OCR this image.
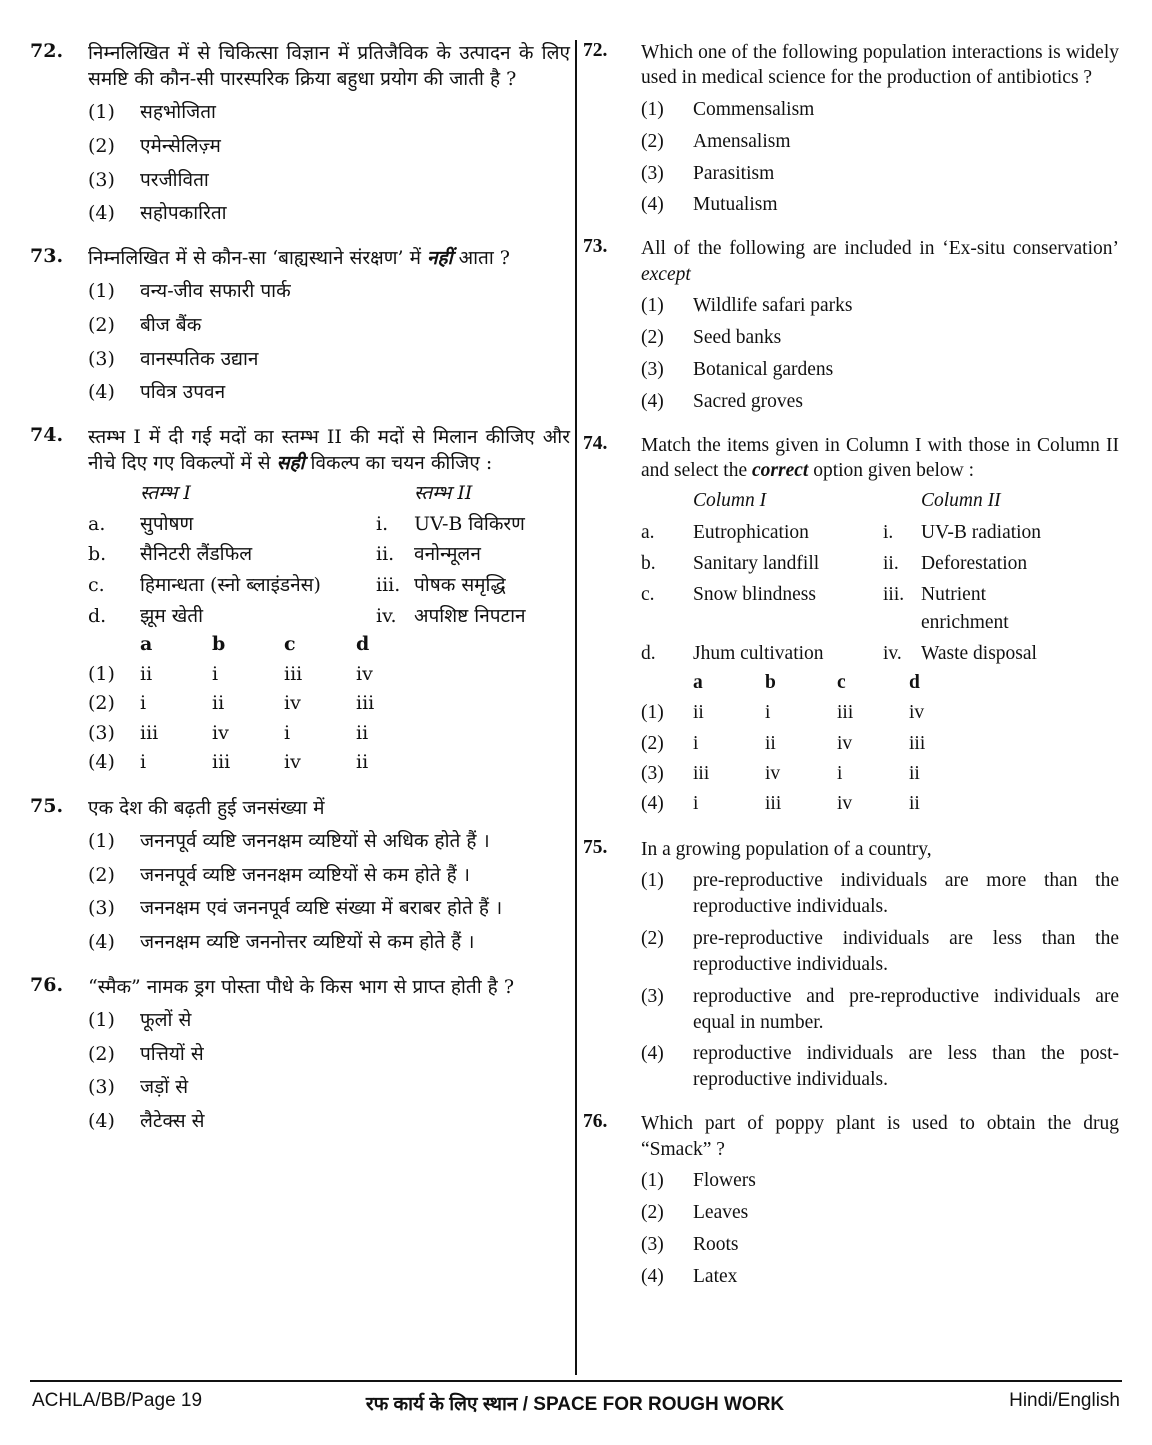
72. निम्नलिखित में से चिकित्सा विज्ञान में प्रतिजैविक के उत्पादन के लिए समष्टि की कौन-सी पारस्परिक क्रिया बहुधा प्रयोग की जाती है ?
(1) सहभोजिता
(2) एमेन्सेलिज़्म
(3) परजीविता
(4) सहोपकारिता
73. निम्नलिखित में से कौन-सा ‘बाह्यस्थाने संरक्षण’ में नहीं आता ?
(1) वन्य-जीव सफारी पार्क
(2) बीज बैंक
(3) वानस्पतिक उद्यान
(4) पवित्र उपवन
74. स्तम्भ I में दी गई मदों का स्तम्भ II की मदों से मिलान कीजिए और नीचे दिए गए विकल्पों में से सही विकल्प का चयन कीजिए :
स्तम्भ I	स्तम्भ II
a.	सुपोषण	i.	UV-B विकिरण
b.	सैनिटरी लैंडफिल	ii.	वनोन्मूलन
c.	हिमान्धता (स्नो ब्लाइंडनेस)	iii. पोषक समृद्धि
d.	झूम खेती	iv. अपशिष्ट निपटान
a	b	c	d
(1)	ii	i	iii	iv
(2)	i	ii	iv	iii
(3)	iii	iv	i	ii
(4)	i	iii	iv	ii
75. एक देश की बढ़ती हुई जनसंख्या में
(1) जननपूर्व व्यष्टि जननक्षम व्यष्टियों से अधिक होते हैं ।
(2) जननपूर्व व्यष्टि जननक्षम व्यष्टियों से कम होते हैं ।
(3) जननक्षम एवं जननपूर्व व्यष्टि संख्या में बराबर होते हैं ।
(4) जननक्षम व्यष्टि जननोत्तर व्यष्टियों से कम होते हैं ।
76. “स्मैक” नामक ड्रग पोस्ता पौधे के किस भाग से प्राप्त होती है ?
(1) फूलों से
(2) पत्तियों से
(3) जड़ों से
(4) लैटेक्स से
72. Which one of the following population interactions is widely used in medical science for the production of antibiotics ?
(1) Commensalism
(2) Amensalism
(3) Parasitism
(4) Mutualism
73. All of the following are included in ‘Ex-situ conservation’ except
(1) Wildlife safari parks
(2) Seed banks
(3) Botanical gardens
(4) Sacred groves
74. Match the items given in Column I with those in Column II and select the correct option given below :
Column I	Column II
a.	Eutrophication	i.	UV-B radiation
b.	Sanitary landfill	ii.	Deforestation
c.	Snow blindness	iii. Nutrient enrichment
d.	Jhum cultivation	iv. Waste disposal
a	b	c	d
(1)	ii	i	iii	iv
(2)	i	ii	iv	iii
(3)	iii	iv	i	ii
(4)	i	iii	iv	ii
75. In a growing population of a country,
(1) pre-reproductive individuals are more than the reproductive individuals.
(2) pre-reproductive individuals are less than the reproductive individuals.
(3) reproductive and pre-reproductive individuals are equal in number.
(4) reproductive individuals are less than the post-reproductive individuals.
76. Which part of poppy plant is used to obtain the drug “Smack” ?
(1) Flowers
(2) Leaves
(3) Roots
(4) Latex
ACHLA/BB/Page 19	रफ कार्य के लिए स्थान / SPACE FOR ROUGH WORK	Hindi/English
